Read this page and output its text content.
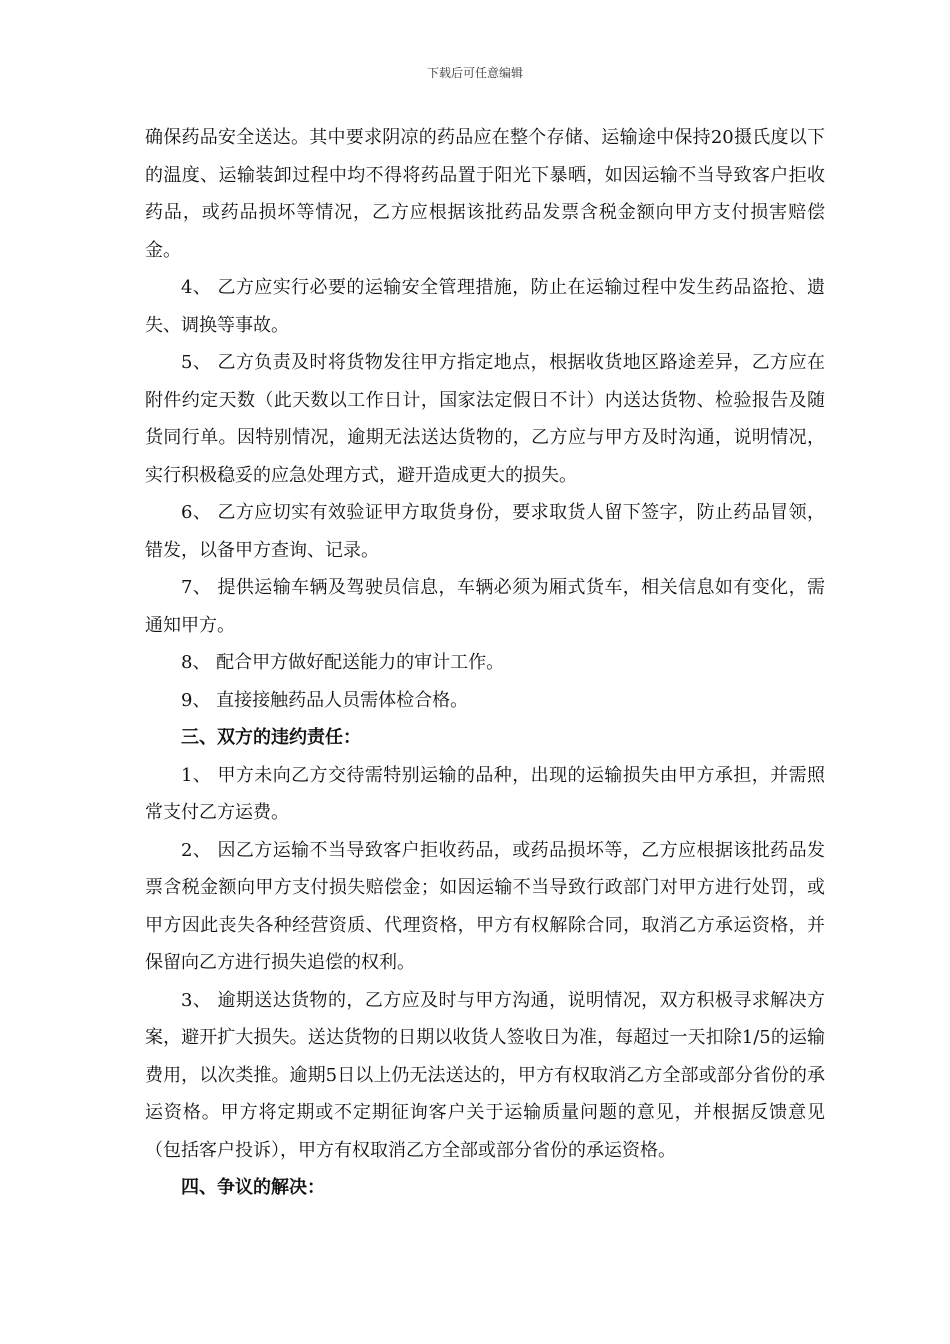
下载后可任意编辑

确保药品安全送达。其中要求阴凉的药品应在整个存储、运输途中保持20摄氏度以下的温度、运输装卸过程中均不得将药品置于阳光下暴晒，如因运输不当导致客户拒收药品，或药品损坏等情况，乙方应根据该批药品发票含税金额向甲方支付损害赔偿金。

4、 乙方应实行必要的运输安全管理措施，防止在运输过程中发生药品盗抢、遗失、调换等事故。

5、 乙方负责及时将货物发往甲方指定地点，根据收货地区路途差异，乙方应在附件约定天数（此天数以工作日计，国家法定假日不计）内送达货物、检验报告及随货同行单。因特别情况，逾期无法送达货物的，乙方应与甲方及时沟通，说明情况，实行积极稳妥的应急处理方式，避开造成更大的损失。

6、 乙方应切实有效验证甲方取货身份，要求取货人留下签字，防止药品冒领，错发，以备甲方查询、记录。

7、 提供运输车辆及驾驶员信息，车辆必须为厢式货车，相关信息如有变化，需通知甲方。

8、 配合甲方做好配送能力的审计工作。

9、 直接接触药品人员需体检合格。

三、双方的违约责任：

1、 甲方未向乙方交待需特别运输的品种，出现的运输损失由甲方承担，并需照常支付乙方运费。

2、 因乙方运输不当导致客户拒收药品，或药品损坏等，乙方应根据该批药品发票含税金额向甲方支付损失赔偿金；如因运输不当导致行政部门对甲方进行处罚，或甲方因此丧失各种经营资质、代理资格，甲方有权解除合同，取消乙方承运资格，并保留向乙方进行损失追偿的权利。

3、 逾期送达货物的，乙方应及时与甲方沟通，说明情况，双方积极寻求解决方案，避开扩大损失。送达货物的日期以收货人签收日为准，每超过一天扣除1/5的运输费用，以次类推。逾期5日以上仍无法送达的，甲方有权取消乙方全部或部分省份的承运资格。甲方将定期或不定期征询客户关于运输质量问题的意见，并根据反馈意见（包括客户投诉），甲方有权取消乙方全部或部分省份的承运资格。

四、争议的解决：
